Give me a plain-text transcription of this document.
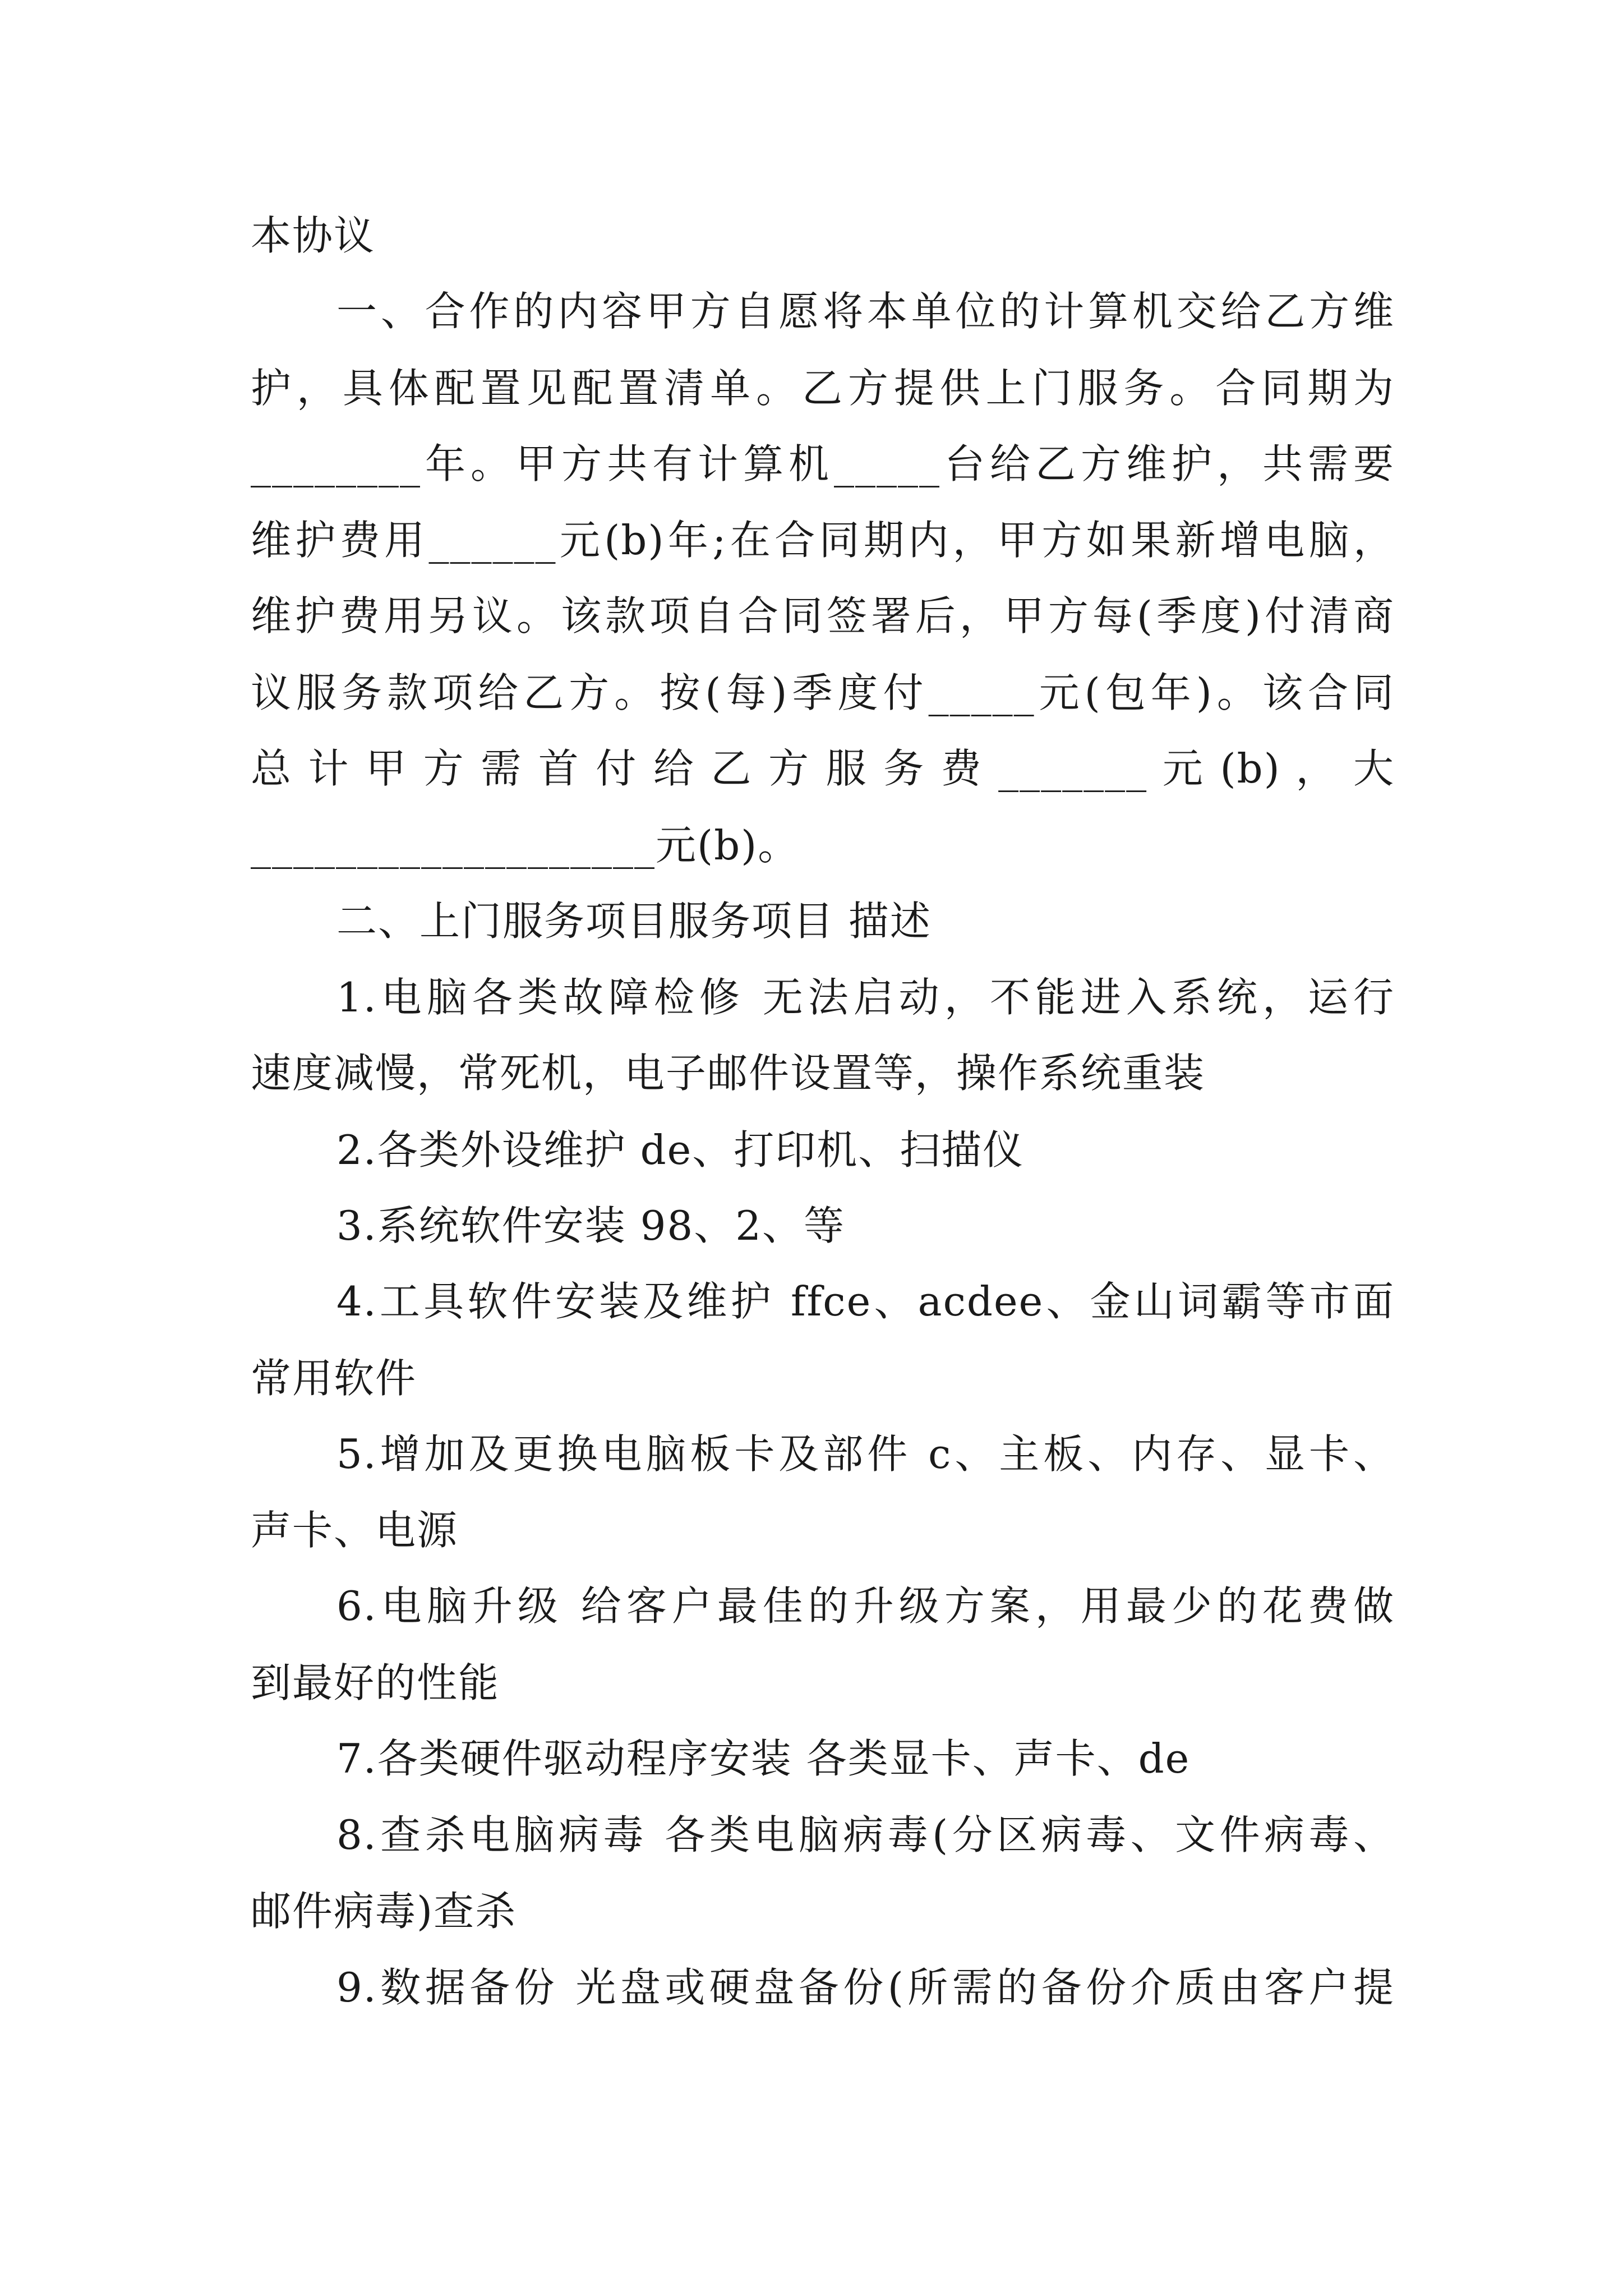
本协议
一、合作的内容甲方自愿将本单位的计算机交给乙方维
护，具体配置见配置清单。乙方提供上门服务。合同期为
________年。甲方共有计算机_____台给乙方维护，共需要
维护费用______元(b)年;在合同期内，甲方如果新增电脑，
维护费用另议。该款项自合同签署后，甲方每(季度)付清商
议服务款项给乙方。按(每)季度付_____元(包年)。该合同
总 计 甲 方 需 首 付 给 乙 方 服 务 费 _______ 元 (b) ， 大
___________________元(b)。
二、上门服务项目服务项目 描述
1.电脑各类故障检修 无法启动，不能进入系统，运行
速度减慢，常死机，电子邮件设置等，操作系统重装
2.各类外设维护 de、打印机、扫描仪
3.系统软件安装 98、2、等
4.工具软件安装及维护 ffce、acdee、金山词霸等市面
常用软件
5.增加及更换电脑板卡及部件 c、主板、内存、显卡、
声卡、电源
6.电脑升级 给客户最佳的升级方案，用最少的花费做
到最好的性能
7.各类硬件驱动程序安装 各类显卡、声卡、de
8.查杀电脑病毒 各类电脑病毒(分区病毒、文件病毒、
邮件病毒)查杀
9.数据备份 光盘或硬盘备份(所需的备份介质由客户提
